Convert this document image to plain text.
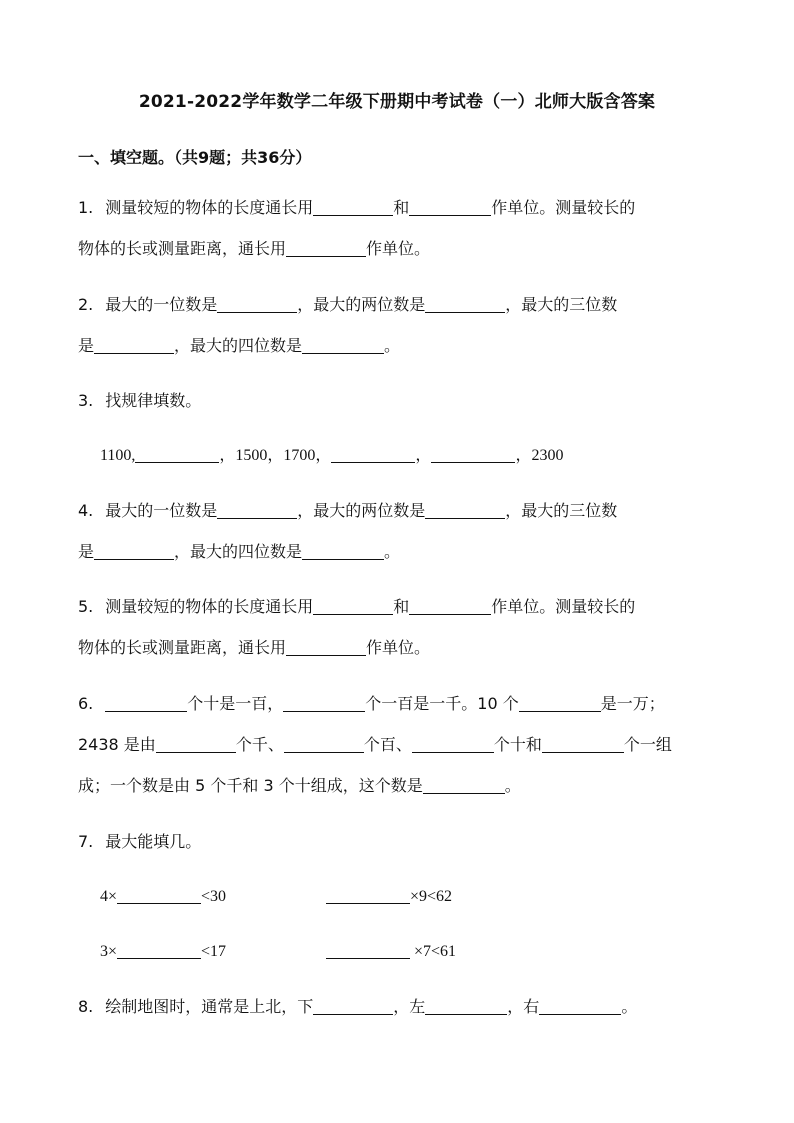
2021-2022学年数学二年级下册期中考试卷（一）北师大版含答案
一、填空题。（共9题；共36分）
1. 测量较短的物体的长度通长用	和	作单位。测量较长的
物体的长或测量距离，通长用	作单位。
2. 最大的一位数是	，最大的两位数是	，最大的三位数
是	，最大的四位数是	。
3. 找规律填数。
1100,	，1500，1700，	，	，2300
4. 最大的一位数是	，最大的两位数是	，最大的三位数
是	，最大的四位数是	。
5. 测量较短的物体的长度通长用	和	作单位。测量较长的
物体的长或测量距离，通长用	作单位。
6.	个十是一百，	个一百是一千。10 个	是一万；
2438 是由	个千、	个百、	个十和	个一组
成；一个数是由 5 个千和 3 个十组成，这个数是	。
7. 最大能填几。
4×	<30	×9<62
3×	<17	×7<61
8. 绘制地图时，通常是上北，下	，左	，右	。
